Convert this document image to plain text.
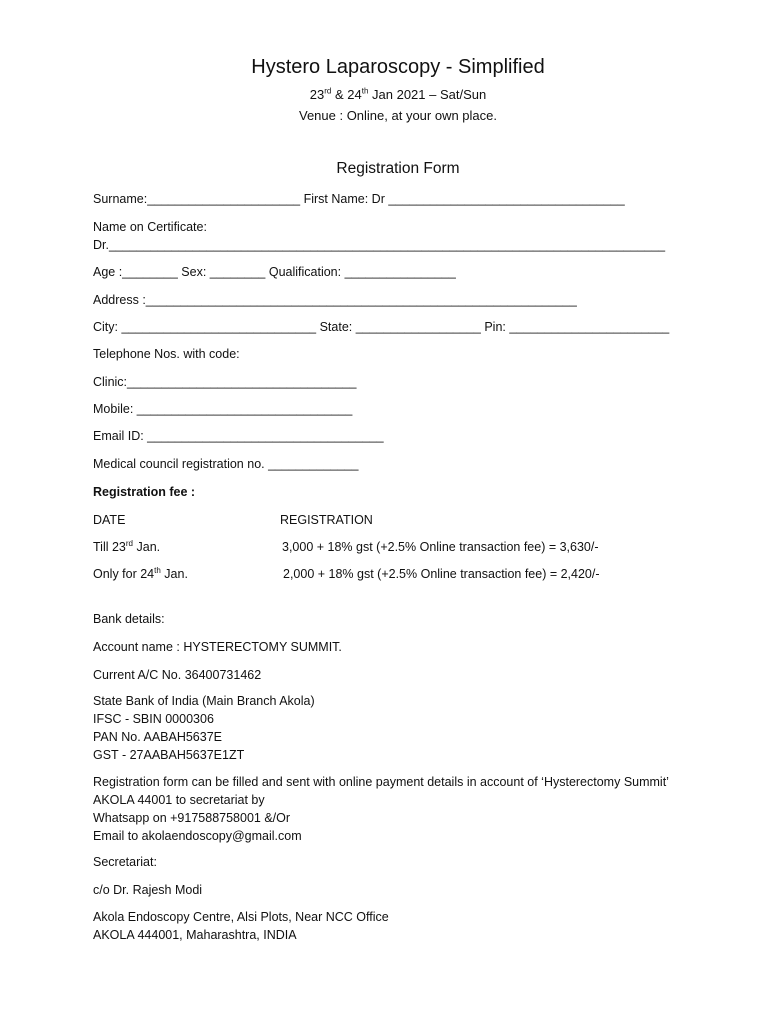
Hystero Laparoscopy - Simplified
23rd & 24th Jan 2021 – Sat/Sun
Venue : Online, at your own place.
Registration Form
Surname:______________________ First Name: Dr __________________________________
Name on Certificate:
Dr.________________________________________________________________________________
Age :________ Sex: ________ Qualification: ________________
Address :______________________________________________________________
City: ____________________________ State: __________________ Pin: _______________________
Telephone Nos. with code:
Clinic:_________________________________
Mobile: _______________________________
Email ID: __________________________________
Medical council registration no. _____________
Registration fee :
DATE	REGISTRATION
Till 23rd Jan.	3,000 + 18% gst (+2.5% Online transaction fee) = 3,630/-
Only for 24th Jan.	2,000 + 18% gst (+2.5% Online transaction fee) = 2,420/-
Bank details:
Account name : HYSTERECTOMY SUMMIT.
Current A/C No. 36400731462
State Bank of India (Main Branch Akola)
IFSC - SBIN 0000306
PAN No. AABAH5637E
GST - 27AABAH5637E1ZT
Registration form can be filled and sent with online payment details in account of ‘Hysterectomy Summit’
AKOLA 44001 to secretariat by
Whatsapp on +917588758001 &/Or
Email to akolaendoscopy@gmail.com
Secretariat:
c/o Dr. Rajesh Modi
Akola Endoscopy Centre, Alsi Plots, Near NCC Office
AKOLA 444001, Maharashtra, INDIA
